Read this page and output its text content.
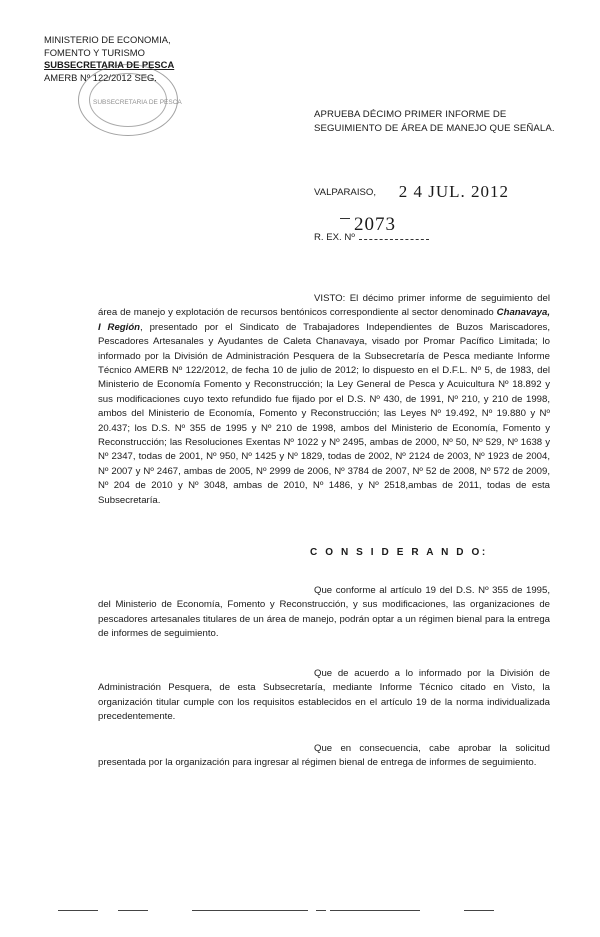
MINISTERIO DE ECONOMIA,
FOMENTO Y TURISMO
SUBSECRETARIA DE PESCA
AMERB Nº 122/2012 SEG.
SUBSECRETARIA DE PESCA
APRUEBA DÉCIMO PRIMER INFORME DE SEGUIMIENTO DE ÁREA DE MANEJO QUE SEÑALA.
VALPARAISO, 2 4 JUL. 2012
R. EX. Nº
2073
VISTO: El décimo primer informe de seguimiento del área de manejo y explotación de recursos bentónicos correspondiente al sector denominado Chanavaya, I Región, presentado por el Sindicato de Trabajadores Independientes de Buzos Mariscadores, Pescadores Artesanales y Ayudantes de Caleta Chanavaya, visado por Promar Pacífico Limitada; lo informado por la División de Administración Pesquera de la Subsecretaría de Pesca mediante Informe Técnico AMERB Nº 122/2012, de fecha 10 de julio de 2012; lo dispuesto en el D.F.L. Nº 5, de 1983, del Ministerio de Economía Fomento y Reconstrucción; la Ley General de Pesca y Acuicultura Nº 18.892 y sus modificaciones cuyo texto refundido fue fijado por el D.S. Nº 430, de 1991, Nº 210, y 210 de 1998, ambos del Ministerio de Economía, Fomento y Reconstrucción; las Leyes Nº 19.492, Nº 19.880 y Nº 20.437; los D.S. Nº 355 de 1995 y Nº 210 de 1998, ambos del Ministerio de Economía, Fomento y Reconstrucción; las Resoluciones Exentas Nº 1022 y Nº 2495, ambas de 2000, Nº 50, Nº 529, Nº 1638 y Nº 2347, todas de 2001, Nº 950, Nº 1425 y Nº 1829, todas de 2002, Nº 2124 de 2003, Nº 1923 de 2004, Nº 2007 y Nº 2467, ambas de 2005, Nº 2999 de 2006, Nº 3784 de 2007, Nº 52 de 2008, Nº 572 de 2009, Nº 204 de 2010 y Nº 3048, ambas de 2010, Nº 1486, y Nº 2518,ambas de 2011, todas de esta Subsecretaría.
C O N S I D E R A N D O:
Que conforme al artículo 19 del D.S. Nº 355 de 1995, del Ministerio de Economía, Fomento y Reconstrucción, y sus modificaciones, las organizaciones de pescadores artesanales titulares de un área de manejo, podrán optar a un régimen bienal para la entrega de informes de seguimiento.
Que de acuerdo a lo informado por la División de Administración Pesquera, de esta Subsecretaría, mediante Informe Técnico citado en Visto, la organización titular cumple con los requisitos establecidos en el artículo 19 de la norma individualizada precedentemente.
Que en consecuencia, cabe aprobar la solicitud presentada por la organización para ingresar al régimen bienal de entrega de informes de seguimiento.
